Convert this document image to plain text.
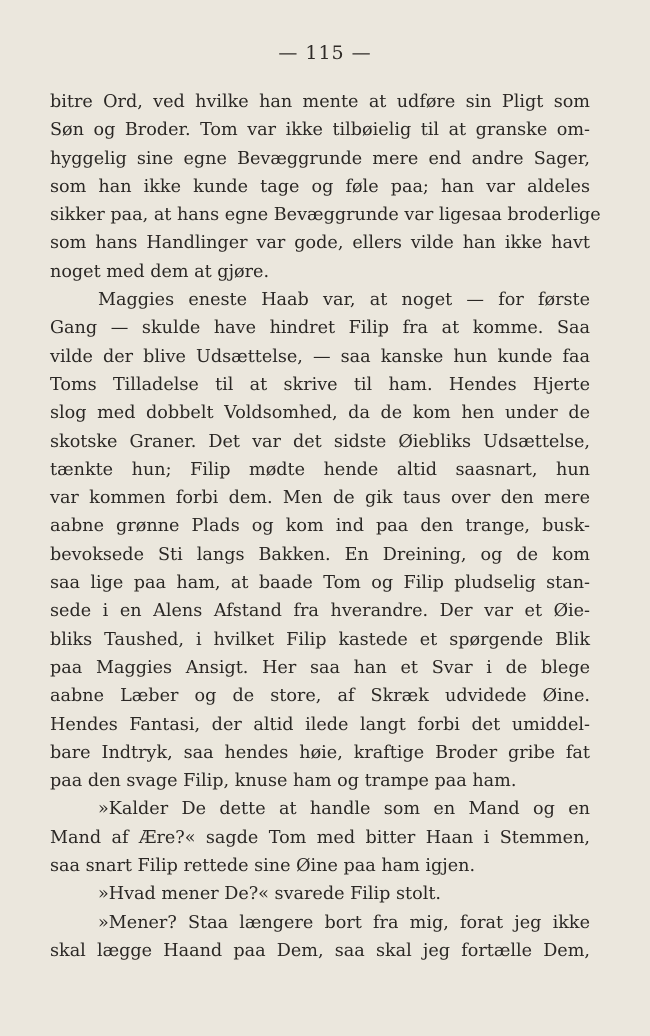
— 115 —
bitre Ord, ved hvilke han mente at udføre sin Pligt som
Søn og Broder. Tom var ikke tilbøielig til at granske om-
hyggelig sine egne Bevæggrunde mere end andre Sager,
som han ikke kunde tage og føle paa; han var aldeles
sikker paa, at hans egne Bevæggrunde var ligesaa broderlige
som hans Handlinger var gode, ellers vilde han ikke havt
noget med dem at gjøre.
Maggies eneste Haab var, at noget — for første
Gang — skulde have hindret Filip fra at komme. Saa
vilde der blive Udsættelse, — saa kanske hun kunde faa
Toms Tilladelse til at skrive til ham. Hendes Hjerte
slog med dobbelt Voldsomhed, da de kom hen under de
skotske Graner. Det var det sidste Øiebliks Udsættelse,
tænkte hun; Filip mødte hende altid saasnart, hun
var kommen forbi dem. Men de gik taus over den mere
aabne grønne Plads og kom ind paa den trange, busk-
bevoksede Sti langs Bakken. En Dreining, og de kom
saa lige paa ham, at baade Tom og Filip pludselig stan-
sede i en Alens Afstand fra hverandre. Der var et Øie-
bliks Taushed, i hvilket Filip kastede et spørgende Blik
paa Maggies Ansigt. Her saa han et Svar i de blege
aabne Læber og de store, af Skræk udvidede Øine.
Hendes Fantasi, der altid ilede langt forbi det umiddel-
bare Indtryk, saa hendes høie, kraftige Broder gribe fat
paa den svage Filip, knuse ham og trampe paa ham.
»Kalder De dette at handle som en Mand og en
Mand af Ære?« sagde Tom med bitter Haan i Stemmen,
saa snart Filip rettede sine Øine paa ham igjen.
»Hvad mener De?« svarede Filip stolt.
»Mener? Staa længere bort fra mig, forat jeg ikke
skal lægge Haand paa Dem, saa skal jeg fortælle Dem,
